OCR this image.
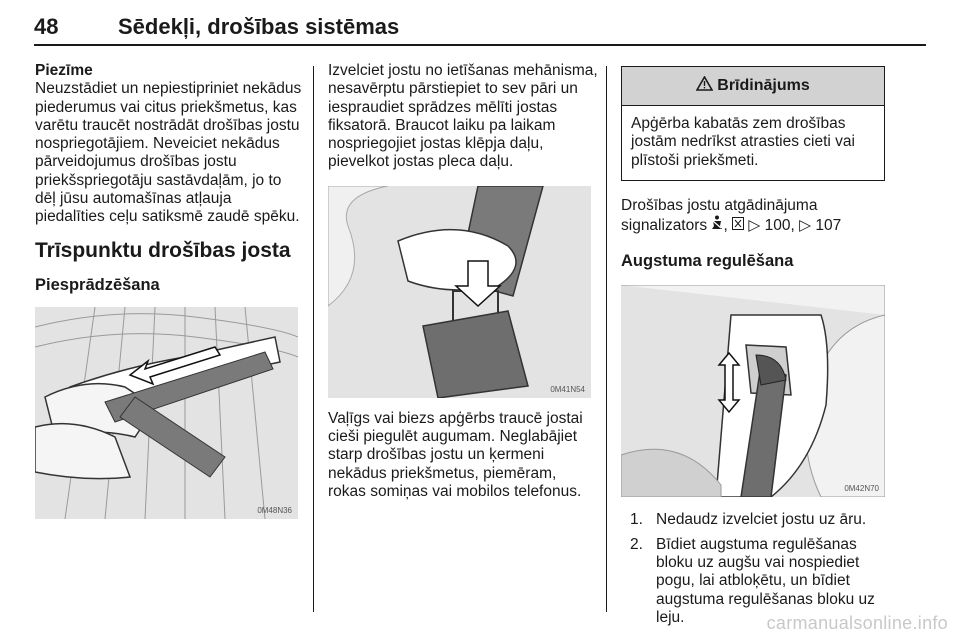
48	Sēdekļi, drošības sistēmas

Piezīme

Neuzstādiet un nepiestipriniet nekādus piederumus vai citus priekšmetus, kas varētu traucēt nostrādāt drošības jostu nospriegotājiem. Neveiciet nekādus pārveidojumus drošības jostu priekšspriegotāju sastāvdaļām, jo to dēļ jūsu automašīnas atļauja piedalīties ceļu satiksmē zaudē spēku.

Trīspunktu drošības josta
Piesprādzēšana
0M48N36

Izvelciet jostu no ietīšanas mehānisma, nesavērptu pārstiepiet to sev pāri un iespraudiet sprādzes mēlīti jostas fiksatorā. Braucot laiku pa laikam nospriegojiet jostas klēpja daļu, pievelkot jostas pleca daļu.

0M41N54

Vaļīgs vai biezs apģērbs traucē jostai cieši piegulēt augumam. Neglabājiet starp drošības jostu un ķermeni nekādus priekšmetus, piemēram, rokas somiņas vai mobilos telefonus.

Brīdinājums
Apģērba kabatās zem drošības jostām nedrīkst atrasties cieti vai plīstoši priekšmeti.

Drošības jostu atgādinājuma

signalizators ,  ▷ 100, ▷ 107

Augstuma regulēšana
0M42N70
1. Nedaudz izvelciet jostu uz āru.
2. Bīdiet augstuma regulēšanas bloku uz augšu vai nospiediet pogu, lai atbloķētu, un bīdiet augstuma regulēšanas bloku uz leju.	carmanualsonline.info
